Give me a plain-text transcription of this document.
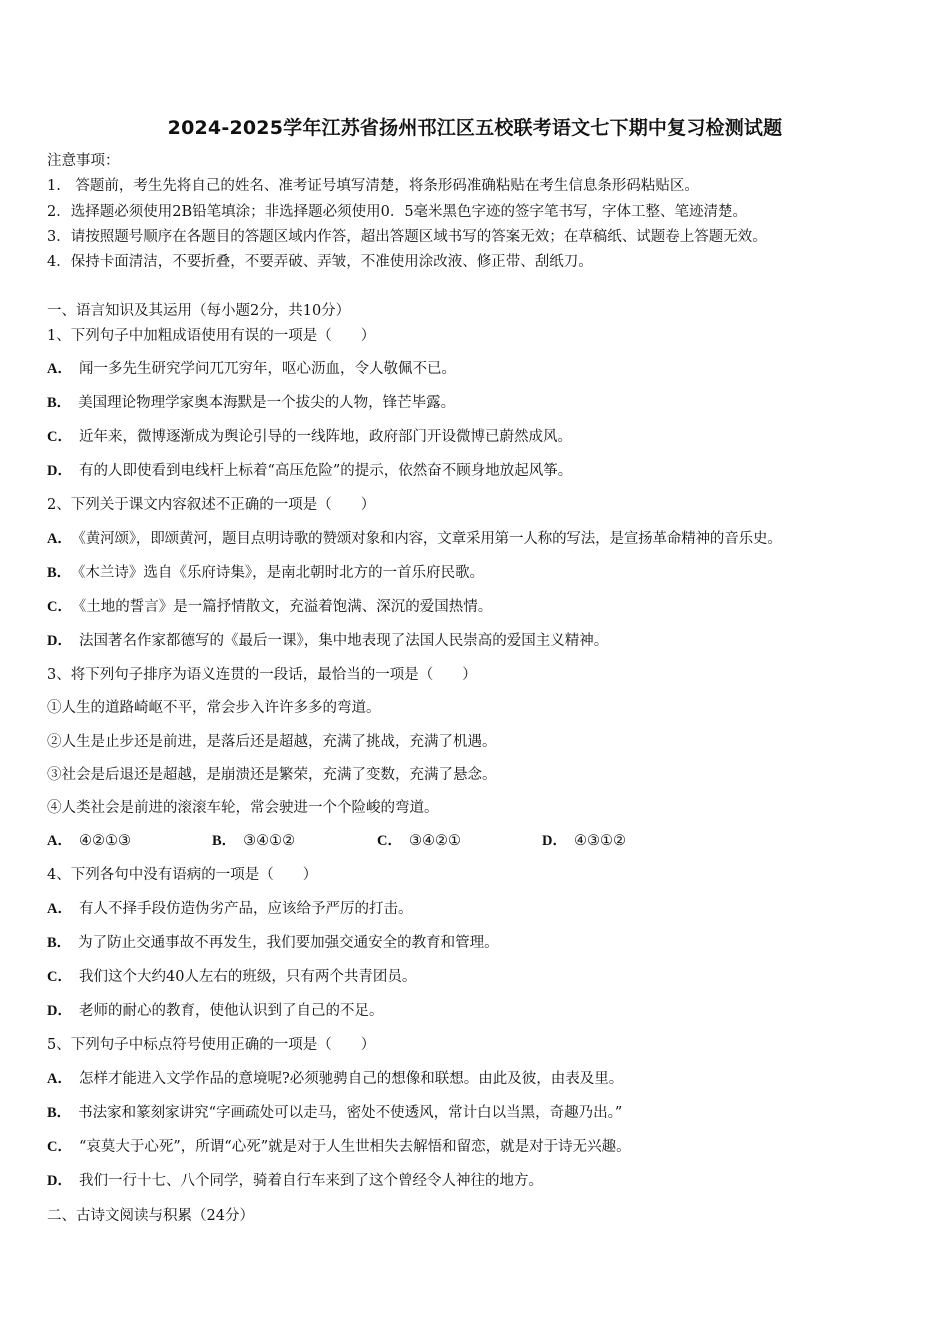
2024-2025学年江苏省扬州邗江区五校联考语文七下期中复习检测试题
注意事项：
1.　答题前，考生先将自己的姓名、准考证号填写清楚，将条形码准确粘贴在考生信息条形码粘贴区。
2．选择题必须使用2B铅笔填涂；非选择题必须使用0．5毫米黑色字迹的签字笔书写，字体工整、笔迹清楚。
3．请按照题号顺序在各题目的答题区域内作答，超出答题区域书写的答案无效；在草稿纸、试题卷上答题无效。
4．保持卡面清洁，不要折叠，不要弄破、弄皱，不准使用涂改液、修正带、刮纸刀。
一、语言知识及其运用（每小题2分，共10分）
1、下列句子中加粗成语使用有误的一项是（　　）
A． 闻一多先生研究学问兀兀穷年，呕心沥血，令人敬佩不已。
B． 美国理论物理学家奥本海默是一个拔尖的人物，锋芒毕露。
C． 近年来，微博逐渐成为舆论引导的一线阵地，政府部门开设微博已蔚然成风。
D． 有的人即使看到电线杆上标着“高压危险”的提示，依然奋不顾身地放起风筝。
2、下列关于课文内容叙述不正确的一项是（　　）
A． 《黄河颂》，即颂黄河，题目点明诗歌的赞颂对象和内容，文章采用第一人称的写法，是宣扬革命精神的音乐史。
B． 《木兰诗》选自《乐府诗集》，是南北朝时北方的一首乐府民歌。
C． 《土地的誓言》是一篇抒情散文，充溢着饱满、深沉的爱国热情。
D． 法国著名作家都德写的《最后一课》，集中地表现了法国人民崇高的爱国主义精神。
3、将下列句子排序为语义连贯的一段话，最恰当的一项是（　　）
①人生的道路崎岖不平，常会步入许许多多的弯道。
②人生是止步还是前进，是落后还是超越，充满了挑战，充满了机遇。
③社会是后退还是超越，是崩溃还是繁荣，充满了变数，充满了悬念。
④人类社会是前进的滚滚车轮，常会驶进一个个险峻的弯道。
A． ④②①③	B． ③④①②	C． ③④②①	D． ④③①②
4、下列各句中没有语病的一项是（　　）
A． 有人不择手段仿造伪劣产品，应该给予严厉的打击。
B． 为了防止交通事故不再发生，我们要加强交通安全的教育和管理。
C． 我们这个大约40人左右的班级，只有两个共青团员。
D． 老师的耐心的教育，使他认识到了自己的不足。
5、下列句子中标点符号使用正确的一项是（　　）
A． 怎样才能进入文学作品的意境呢?必须驰骋自己的想像和联想。由此及彼，由表及里。
B． 书法家和篆刻家讲究“字画疏处可以走马，密处不使透风，常计白以当黑，奇趣乃出。”
C． “哀莫大于心死”，所谓“心死”就是对于人生世相失去解悟和留恋，就是对于诗无兴趣。
D． 我们一行十七、八个同学，骑着自行车来到了这个曾经令人神往的地方。
二、古诗文阅读与积累（24分）
